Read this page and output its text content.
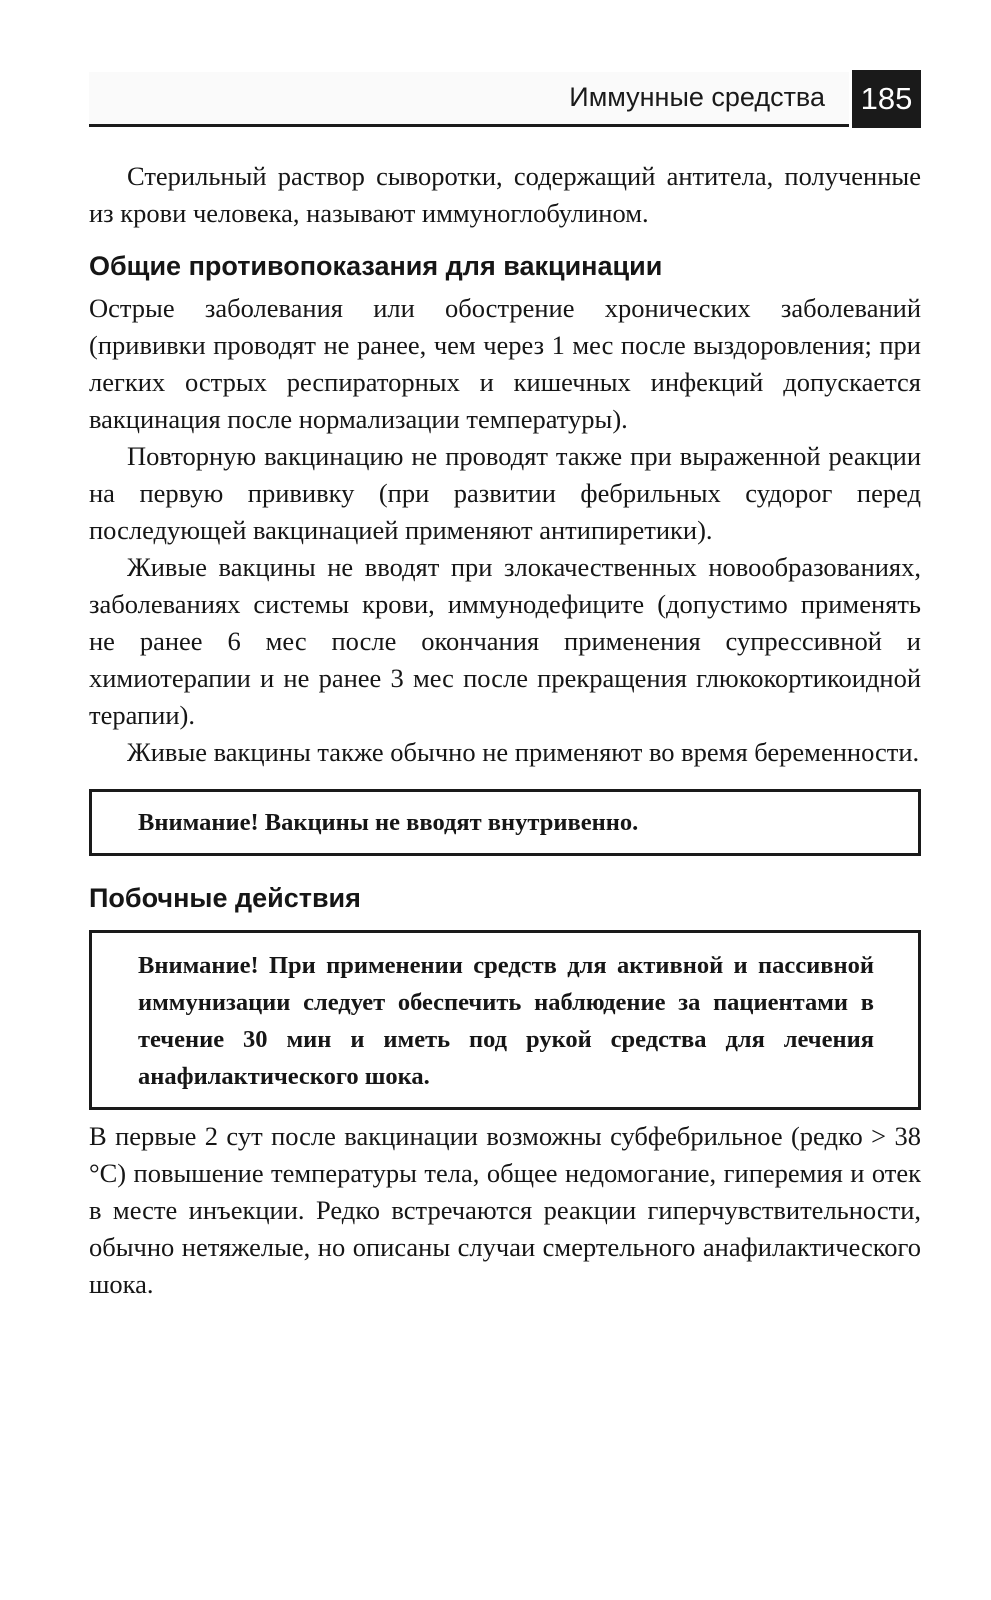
Иммунные средства 185

Стерильный раствор сыворотки, содержащий антитела, полученные из крови человека, называют иммуноглобулином.

Общие противопоказания для вакцинации

Острые заболевания или обострение хронических заболеваний (прививки проводят не ранее, чем через 1 мес после выздоровления; при легких острых респираторных и кишечных инфекций допускается вакцинация после нормализации температуры).

Повторную вакцинацию не проводят также при выраженной реакции на первую прививку (при развитии фебрильных судорог перед последующей вакцинацией применяют антипиретики).

Живые вакцины не вводят при злокачественных новообразованиях, заболеваниях системы крови, иммунодефиците (допустимо применять не ранее 6 мес после окончания применения супрессивной и химиотерапии и не ранее 3 мес после прекращения глюкокортикоидной терапии).

Живые вакцины также обычно не применяют во время беременности.

Внимание! Вакцины не вводят внутривенно.
Побочные действия
Внимание! При применении средств для активной и пассивной иммунизации следует обеспечить наблюдение за пациентами в течение 30 мин и иметь под рукой средства для лечения анафилактического шока.

В первые 2 сут после вакцинации возможны субфебрильное (редко > 38 °C) повышение температуры тела, общее недомогание, гиперемия и отек в месте инъекции. Редко встречаются реакции гиперчувствительности, обычно нетяжелые, но описаны случаи смертельного анафилактического шока.
